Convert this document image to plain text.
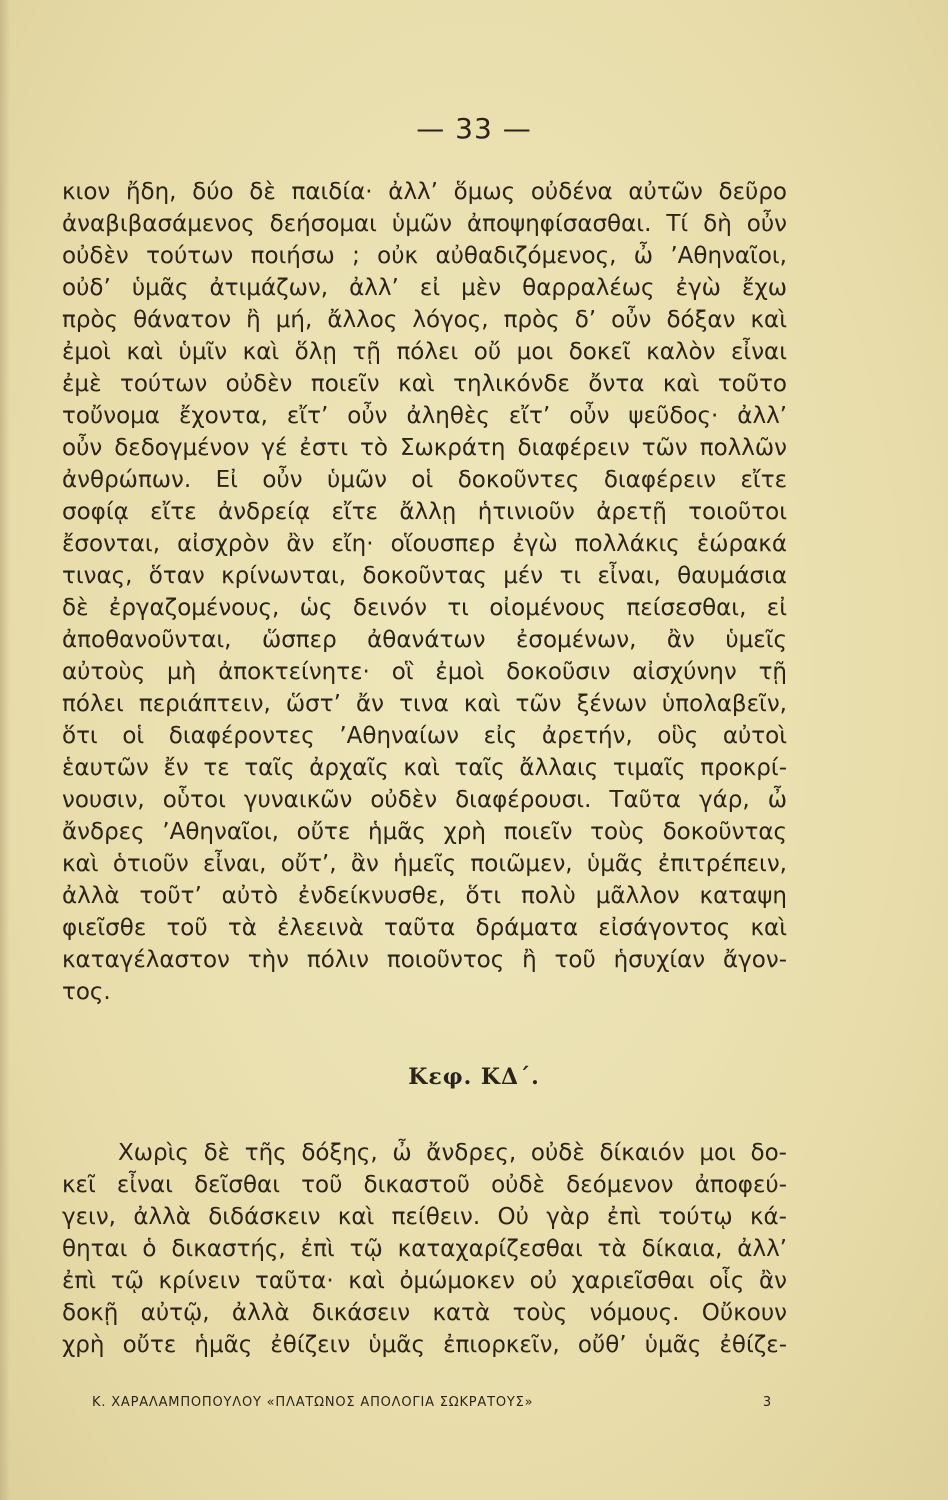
— 33 —
κιον ἤδη, δύο δὲ παιδία· ἀλλ’ ὅμως οὐδένα αὐτῶν δεῦρο
ἀναβιβασάμενος δεήσομαι ὑμῶν ἀποψηφίσασθαι. Τί δὴ οὖν
οὐδὲν τούτων ποιήσω ; οὐκ αὐθαδιζόμενος, ὦ ’Αθηναῖοι,
οὐδ’ ὑμᾶς ἀτιμάζων, ἀλλ’ εἰ μὲν θαρραλέως ἐγὼ ἔχω
πρὸς θάνατον ἢ μή, ἄλλος λόγος, πρὸς δ’ οὖν δόξαν καὶ
ἐμοὶ καὶ ὑμῖν καὶ ὅλῃ τῇ πόλει οὔ μοι δοκεῖ καλὸν εἶναι
ἐμὲ τούτων οὐδὲν ποιεῖν καὶ τηλικόνδε ὄντα καὶ τοῦτο
τοὔνομα ἔχοντα, εἴτ’ οὖν ἀληθὲς εἴτ’ οὖν ψεῦδος· ἀλλ’
οὖν δεδογμένον γέ ἐστι τὸ Σωκράτη διαφέρειν τῶν πολλῶν
ἀνθρώπων. Εἰ οὖν ὑμῶν οἱ δοκοῦντες διαφέρειν εἴτε
σοφίᾳ εἴτε ἀνδρείᾳ εἴτε ἄλλῃ ἡτινιοῦν ἀρετῇ τοιοῦτοι
ἔσονται, αἰσχρὸν ἂν εἴη· οἵουσπερ ἐγὼ πολλάκις ἑώρακά
τινας, ὅταν κρίνωνται, δοκοῦντας μέν τι εἶναι, θαυμάσια
δὲ ἐργαζομένους, ὡς δεινόν τι οἰομένους πείσεσθαι, εἰ
ἀποθανοῦνται, ὥσπερ ἀθανάτων ἐσομένων, ἂν ὑμεῖς
αὐτοὺς μὴ ἀποκτείνητε· οἳ ἐμοὶ δοκοῦσιν αἰσχύνην τῇ
πόλει περιάπτειν, ὥστ’ ἄν τινα καὶ τῶν ξένων ὑπολαβεῖν,
ὅτι οἱ διαφέροντες ’Αθηναίων εἰς ἀρετήν, οὓς αὐτοὶ
ἑαυτῶν ἔν τε ταῖς ἀρχαῖς καὶ ταῖς ἄλλαις τιμαῖς προκρί-
νουσιν, οὗτοι γυναικῶν οὐδὲν διαφέρουσι. Ταῦτα γάρ, ὦ
ἄνδρες ’Αθηναῖοι, οὔτε ἡμᾶς χρὴ ποιεῖν τοὺς δοκοῦντας
καὶ ὁτιοῦν εἶναι, οὔτ’, ἂν ἡμεῖς ποιῶμεν, ὑμᾶς ἐπιτρέπειν,
ἀλλὰ τοῦτ’ αὐτὸ ἐνδείκνυσθε, ὅτι πολὺ μᾶλλον καταψη
φιεῖσθε τοῦ τὰ ἐλεεινὰ ταῦτα δράματα εἰσάγοντος καὶ
καταγέλαστον τὴν πόλιν ποιοῦντος ἢ τοῦ ἡσυχίαν ἄγον-
τος.
Κεφ. ΚΔ΄.
Χωρὶς δὲ τῆς δόξης, ὦ ἄνδρες, οὐδὲ δίκαιόν μοι δο-
κεῖ εἶναι δεῖσθαι τοῦ δικαστοῦ οὐδὲ δεόμενον ἀποφεύ-
γειν, ἀλλὰ διδάσκειν καὶ πείθειν. Οὐ γὰρ ἐπὶ τούτῳ κά-
θηται ὁ δικαστής, ἐπὶ τῷ καταχαρίζεσθαι τὰ δίκαια, ἀλλ’
ἐπὶ τῷ κρίνειν ταῦτα· καὶ ὀμώμοκεν οὐ χαριεῖσθαι οἷς ἂν
δοκῇ αὐτῷ, ἀλλὰ δικάσειν κατὰ τοὺς νόμους. Οὔκουν
χρὴ οὔτε ἡμᾶς ἐθίζειν ὑμᾶς ἐπιορκεῖν, οὔθ’ ὑμᾶς ἐθίζε-
Κ. ΧΑΡΑΛΑΜΠΟΠΟΥΛΟΥ «ΠΛΑΤΩΝΟΣ ΑΠΟΛΟΓΙΑ ΣΩΚΡΑΤΟΥΣ»	3
